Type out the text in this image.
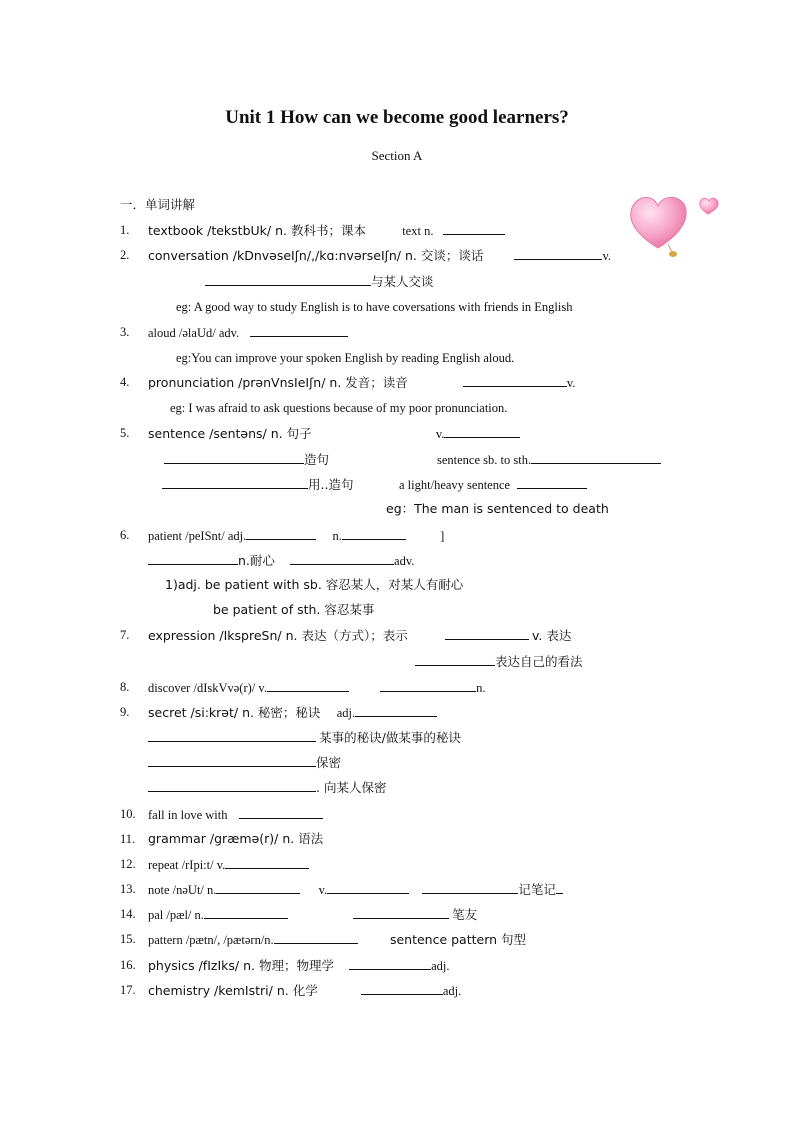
Unit 1 How can we become good learners?
Section A
一．单词讲解
1. textbook /tekstbUk/ n. 教科书；课本	text n.
2. conversation /kDnvəseIʃn/,/kɑ:nvərseIʃn/ n. 交谈；谈话	v.
与某人交谈
eg: A good way to study English is to have coversations with friends in English
3. aloud /əlaUd/ adv.
eg:You can improve your spoken English by reading English aloud.
4. pronunciation /prənVnsIeIʃn/ n. 发音；读音	v.
eg: I was afraid to ask questions because of my poor pronunciation.
5. sentence /sentəns/ n. 句子	v.
造句	sentence sb. to sth.
用..造句	a light/heavy sentence
eg：The man is sentenced to death
6. patient /peISnt/ adj.	n.	]
n.耐心	adv.
1)adj. be patient with sb. 容忍某人，对某人有耐心
be patient of sth. 容忍某事
7. expression /IkspreSn/ n. 表达（方式）；表示	v. 表达
表达自己的看法
8. discover /dIskVvə(r)/ v.	n.
9. secret /si:krət/ n. 秘密；秘诀 adj.
某事的秘诀/做某事的秘诀
保密
. 向某人保密
10. fall in love with
11. grammar /græmə(r)/ n. 语法
12. repeat /rIpi:t/ v.
13. note /nəUt/ n.	v.	记笔记
14. pal /pæl/ n.	笔友
15. pattern /pætn/, /pætərn/n.	sentence pattern 句型
16. physics /fIzIks/ n. 物理；物理学	adj.
17. chemistry /kemIstri/ n. 化学	adj.
